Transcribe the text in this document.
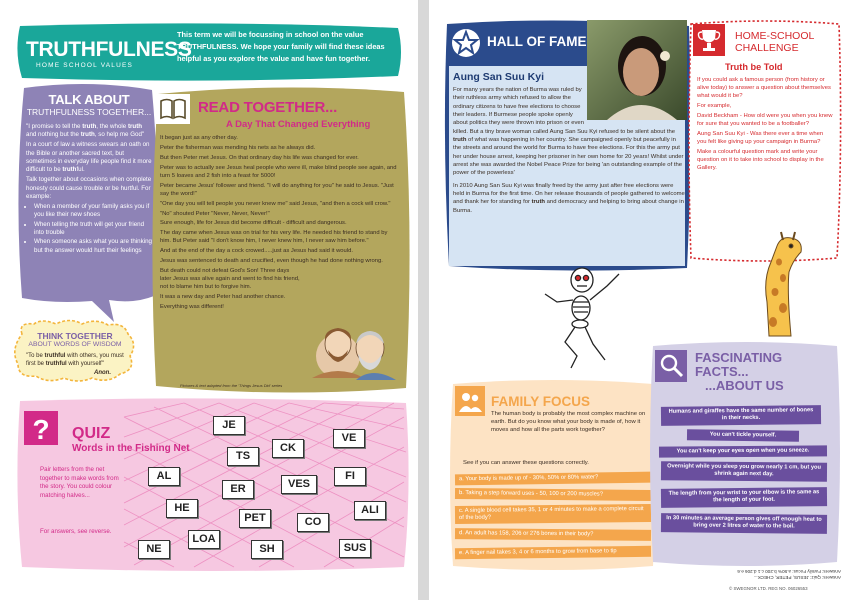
TRUTHFULNESS
HOME SCHOOL VALUES
This term we will be focussing in school on the value TRUTHFULNESS. We hope your family will find these ideas helpful as you explore the value and have fun together.
TALK ABOUT
TRUTHFULNESS TOGETHER...

"I promise to tell the truth, the whole truth and nothing but the truth, so help me God"

In a court of law a witness swears an oath on the Bible or another sacred text, but sometimes in everyday life people find it more difficult to be truthful.

Talk together about occasions when complete honesty could cause trouble or be hurtful. For example:

• When a member of your family asks you if you like their new shoes
• When telling the truth will get your friend into trouble
• When someone asks what you are thinking but the answer would hurt their feelings
THINK TOGETHER
ABOUT WORDS OF WISDOM
"To be truthful with others, you must first be truthful with yourself"
Anon.
READ TOGETHER...
A Day That Changed Everything

It began just as any other day.

Peter the fisherman was mending his nets as he always did.

But then Peter met Jesus. On that ordinary day his life was changed for ever.

Peter was to actually see Jesus heal people who were ill, make blind people see again, and turn 5 loaves and 2 fish into a feast for 5000!

Peter became Jesus' follower and friend. "I will do anything for you" he said to Jesus. "Just say the word!"

"One day you will tell people you never knew me" said Jesus, "and then a cock will crow."

"No" shouted Peter "Never, Never, Never!"

Sure enough, life for Jesus did become difficult - difficult and dangerous.

The day came when Jesus was on trial for his very life. He needed his friend to stand by him. But Peter said "I don't know him, I never knew him, I never saw him before."

And at the end of the day a cock crowed.....just as Jesus had said it would.

Jesus was sentenced to death and crucified, even though he had done nothing wrong.

But death could not defeat God's Son! Three days later Jesus was alive again and went to find his friend, not to blame him but to forgive him.

It was a new day and Peter had another chance.

Everything was different!

Pictures & text adapted from the 'Things Jesus Did' series
? QUIZ
Words in the Fishing Net
Pair letters from the net together to make words from the story. You could colour matching halves...
For answers, see reverse.
JE
VE
TS
CK
AL	FI
ER	VES
HE	ALI
PET	CO
LOA
NE	SH	SUS
HALL OF FAME
Aung San Suu Kyi

For many years the nation of Burma was ruled by their ruthless army which refused to allow the ordinary citizens to have free elections to choose their leaders. If Burmese people spoke openly about politics they were thrown into prison or even killed. But a tiny brave woman called Aung San Suu Kyi refused to be silent about the truth of what was happening in her country. She campaigned openly but peacefully in the streets and around the world for Burma to have free elections. For this the army put her under house arrest, keeping her prisoner in her own home for 20 years! Whilst under arrest she was awarded the Nobel Peace Prize for being 'an outstanding example of the power of the powerless'

In 2010 Aung San Suu Kyi was finally freed by the army just after free elections were held in Burma for the first time. On her release thousands of people gathered to welcome and thank her for standing for truth and democracy and helping to bring about change in Burma.

HOME-SCHOOL
CHALLENGE
Truth be Told

If you could ask a famous person (from history or alive today) to answer a question about themselves what would it be?

For example,

David Beckham - How old were you when you knew for sure that you wanted to be a footballer?

Aung San Suu Kyi - Was there ever a time when you felt like giving up your campaign in Burma?

Make a colourful question mark and write your question on it to take into school to display in the Gallery.

FAMILY FOCUS
The human body is probably the most complex machine on earth. But do you know what your body is made of, how it moves and how all the parts work together?
See if you can answer these questions correctly.
a. Your body is made up of - 30%, 50% or 80% water?
b. Taking a step forward uses - 50, 100 or 200 muscles?
c. A single blood cell takes 35, 1 or 4 minutes to make a complete circuit of the body?
d. An adult has 158, 206 or 276 bones in their body?
e. A finger nail takes 3, 4 or 6 months to grow from base to tip
FASCINATING
FACTS...
...ABOUT US
Humans and giraffes have the same number of bones in their necks.
You can't tickle yourself.
You can't keep your eyes open when you sneeze.
Overnight while you sleep you grow nearly 1 cm, but you shrink again next day.
The length from your wrist to your elbow is the same as the length of your foot.
In 30 minutes an average person gives off enough heat to bring over 2 litres of water to the boil.
Answers: Quiz: JESUS, PETER, CHECK...
Answers: Family Focus: a.50% b.200 c.1 d.206 e.6
© SWEGNOR LTD. REG NO. 06026553
